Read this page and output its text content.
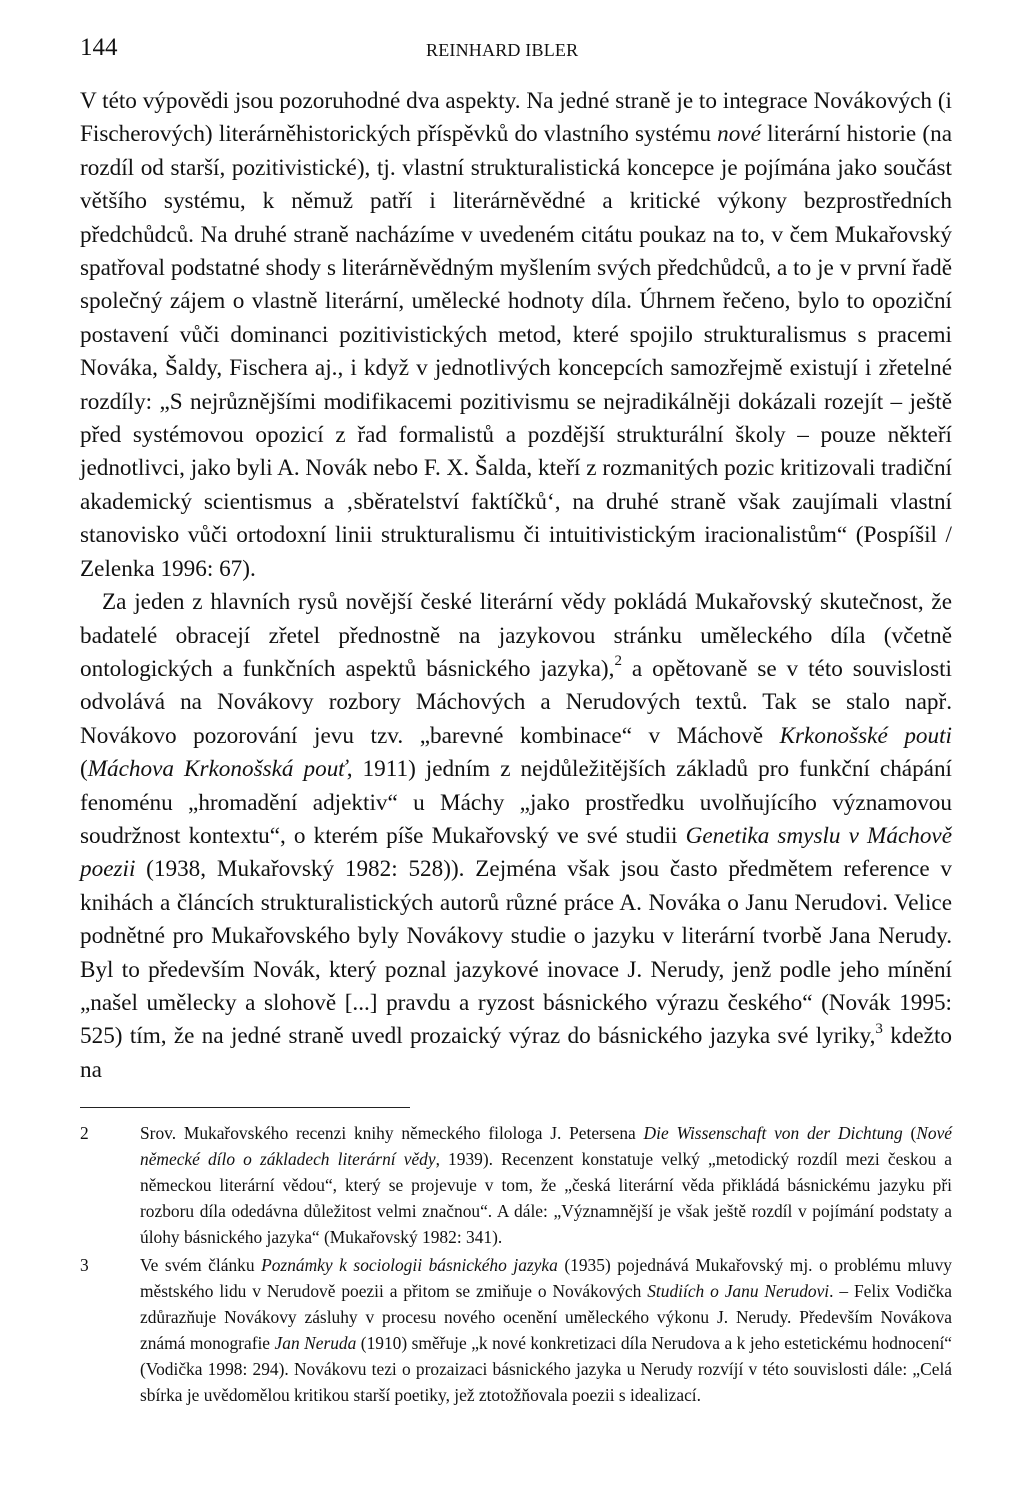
144	REINHARD IBLER

V této výpovědi jsou pozoruhodné dva aspekty. Na jedné straně je to integrace Novákových (i Fischerových) literárněhistorických příspěvků do vlastního systému nové literární historie (na rozdíl od starší, pozitivistické), tj. vlastní strukturalistická koncepce je pojímána jako součást většího systému, k němuž patří i literárněvědné a kritické výkony bezprostředních předchůdců. Na druhé straně nacházíme v uvedeném citátu poukaz na to, v čem Mukařovský spatřoval podstatné shody s literárněvědným myšlením svých předchůdců, a to je v první řadě společný zájem o vlastně literární, umělecké hodnoty díla. Úhrnem řečeno, bylo to opoziční postavení vůči dominanci pozitivistických metod, které spojilo strukturalismus s pracemi Nováka, Šaldy, Fischera aj., i když v jednotlivých koncepcích samozřejmě existují i zřetelné rozdíly: „S nejrůznějšími modifikacemi pozitivismu se nejradikálněji dokázali rozejít – ještě před systémovou opozicí z řad formalistů a pozdější strukturální školy – pouze někteří jednotlivci, jako byli A. Novák nebo F. X. Šalda, kteří z rozmanitých pozic kritizovali tradiční akademický scientismus a ‚sběratelství faktíčků‘, na druhé straně však zaujímali vlastní stanovisko vůči ortodoxní linii strukturalismu či intuitivistickým iracionalistům“ (Pospíšil / Zelenka 1996: 67).

Za jeden z hlavních rysů novější české literární vědy pokládá Mukařovský skutečnost, že badatelé obracejí zřetel přednostně na jazykovou stránku uměleckého díla (včetně ontologických a funkčních aspektů básnického jazyka),$^2$ a opětovaně se v této souvislosti odvolává na Novákovy rozbory Máchových a Nerudových textů. Tak se stalo např. Novákovo pozorování jevu tzv. „barevné kombinace“ v Máchově Krkonošské pouti (Máchova Krkonošská pouť, 1911) jedním z nejdůležitějších základů pro funkční chápání fenoménu „hromadění adjektiv“ u Máchy „jako prostředku uvolňujícího významovou soudržnost kontextu“, o kterém píše Mukařovský ve své studii Genetika smyslu v Máchově poezii (1938, Mukařovský 1982: 528)). Zejména však jsou často předmětem reference v knihách a článcích strukturalistických autorů různé práce A. Nováka o Janu Nerudovi. Velice podnětné pro Mukařovského byly Novákovy studie o jazyku v literární tvorbě Jana Nerudy. Byl to především Novák, který poznal jazykové inovace J. Nerudy, jenž podle jeho mínění „našel umělecky a slohově [...] pravdu a ryzost básnického výrazu českého“ (Novák 1995: 525) tím, že na jedné straně uvedl prozaický výraz do básnického jazyka své lyriky,$^3$ kdežto na

2	Srov. Mukařovského recenzi knihy německého filologa J. Petersena Die Wissenschaft von der Dichtung (Nové německé dílo o základech literární vědy, 1939). Recenzent konstatuje velký „metodický rozdíl mezi českou a německou literární vědou“, který se projevuje v tom, že „česká literární věda přikládá básnickému jazyku při rozboru díla odedávna důležitost velmi značnou“. A dále: „Významnější je však ještě rozdíl v pojímání podstaty a úlohy básnického jazyka“ (Mukařovský 1982: 341).
3	Ve svém článku Poznámky k sociologii básnického jazyka (1935) pojednává Mukařovský mj. o problému mluvy městského lidu v Nerudově poezii a přitom se zmiňuje o Novákových Studiích o Janu Nerudovi. – Felix Vodička zdůrazňuje Novákovy zásluhy v procesu nového ocenění uměleckého výkonu J. Nerudy. Především Novákova známá monografie Jan Neruda (1910) směřuje „k nové konkretizaci díla Nerudova a k jeho estetickému hodnocení“ (Vodička 1998: 294). Novákovu tezi o prozaizaci básnického jazyka u Nerudy rozvíjí v této souvislosti dále: „Celá sbírka je uvědomělou kritikou starší poetiky, jež ztotožňovala poezii s idealizací.
